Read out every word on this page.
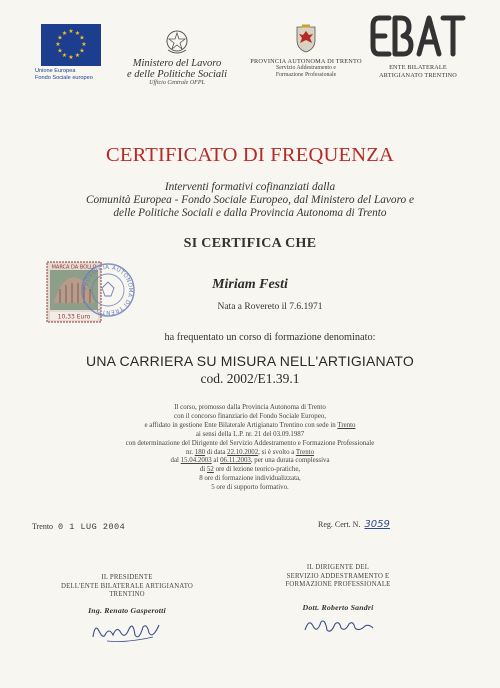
★ ★
★
★
★
★
★
★
★
★
★
★
Unione Europea
Fondo Sociale europeo
Ministero del Lavoro
e delle Politiche Sociali
Ufficio Centrale OFPL
PROVINCIA AUTONOMA DI TRENTO
Servizio Addestramento e
Formazione Professionale
ENTE BILATERALE
ARTIGIANATO TRENTINO
CERTIFICATO DI FREQUENZA
Interventi formativi cofinanziati dalla
Comunità Europea - Fondo Sociale Europeo, dal Ministero del Lavoro e
delle Politiche Sociali e dalla Provincia Autonoma di Trento
SI CERTIFICA CHE
MARCA DA BOLLO
10,33 Euro
PROVINCIA AUTONOMA DI TRENTO
Miriam Festi
Nata a Rovereto il 7.6.1971
ha frequentato un corso di formazione denominato:
UNA CARRIERA SU MISURA NELL'ARTIGIANATO
cod. 2002/E1.39.1
Il corso, promosso dalla Provincia Autonoma di Trento
con il concorso finanziario del Fondo Sociale Europeo,
e affidato in gestione Ente Bilaterale Artigianato Trentino con sede in Trento
ai sensi della L.P. nr. 21 del 03.09.1987
con determinazione del Dirigente del Servizio Addestramento e Formazione Professionale
nr. 180 di data 22.10.2002, si è svolto a Trento
dal 15.04.2003 al 06.11.2003, per una durata complessiva
di 52 ore di lezione teorico-pratiche,
8 ore di formazione individualizzata,
5 ore di supporto formativo.
Trento 0 1 LUG 2004	Reg. Cert. N. 3059
IL PRESIDENTE
DELL'ENTE BILATERALE ARTIGIANATO
TRENTINO
Ing. Renato Gasperotti
IL DIRIGENTE DEL
SERVIZIO ADDESTRAMENTO E
FORMAZIONE PROFESSIONALE
Dott. Roberto Sandri
